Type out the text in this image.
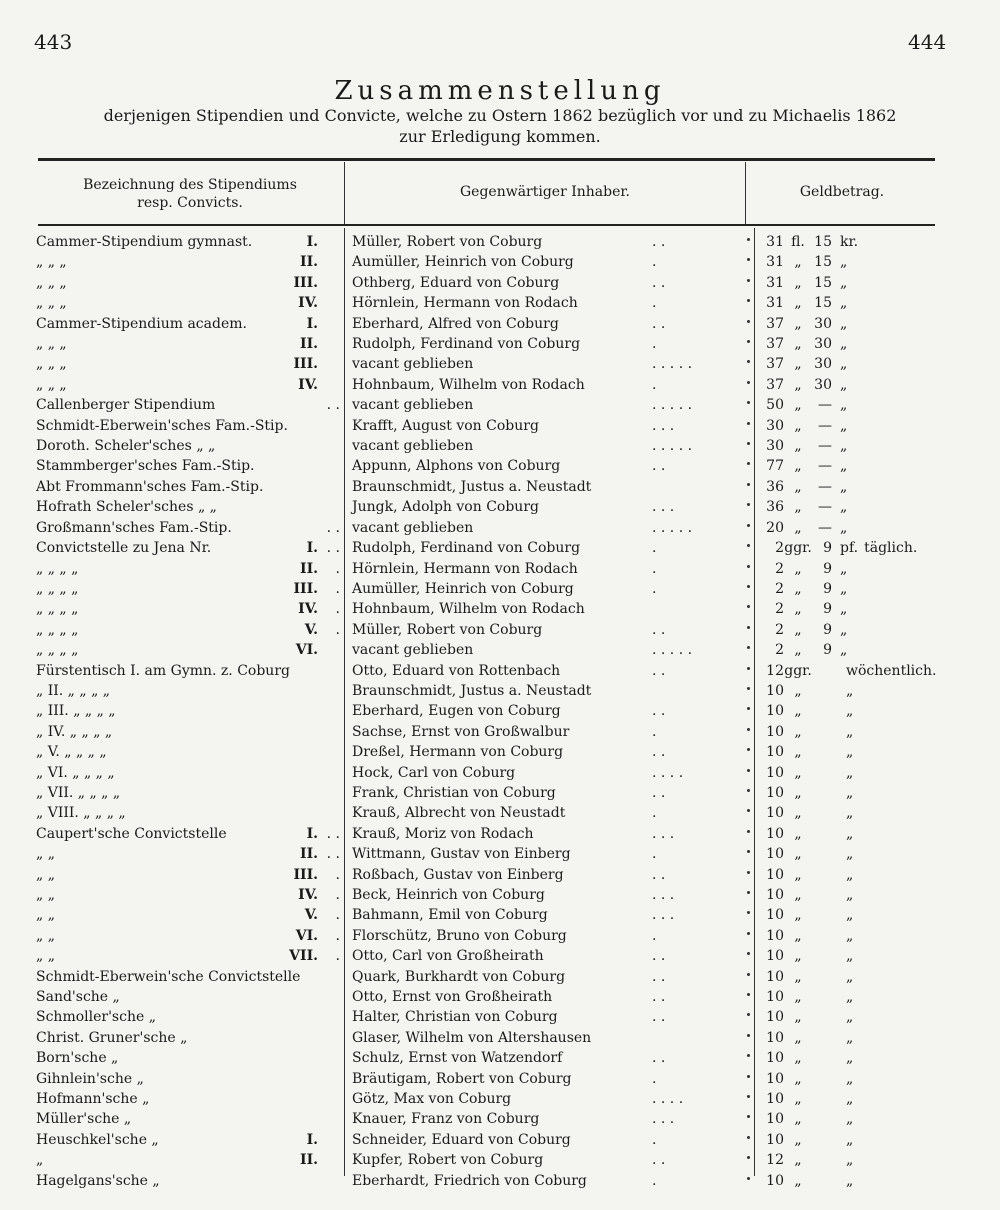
443	444
Zusammenstellung
derjenigen Stipendien und Convicte, welche zu Ostern 1862 bezüglich vor und zu Michaelis 1862
zur Erledigung kommen.
Bezeichnung des Stipendiums
resp. Convicts.
Gegenwärtiger Inhaber.	Geldbetrag.
Cammer-Stipendium gymnast.	I. Müller, Robert von Coburg	. .	31 fl. 15 kr.
„ „ „	II. Aumüller, Heinrich von Coburg	.	31 „ 15 „
„ „ „	III. Othberg, Eduard von Coburg	. .	31 „ 15 „
„ „ „	IV. Hörnlein, Hermann von Rodach	.	31 „ 15 „
Cammer-Stipendium academ.	I. Eberhard, Alfred von Coburg	. .	37 „ 30 „
„ „ „	II. Rudolph, Ferdinand von Coburg	.	37 „ 30 „
„ „ „	III. vacant geblieben	. . . . .	37 „ 30 „
„ „ „	IV. Hohnbaum, Wilhelm von Rodach	.	37 „ 30 „
Callenberger Stipendium	. . vacant geblieben	. . . . .	50 „ — „
Schmidt-Eberwein'sches Fam.-Stip.	Krafft, August von Coburg	. . .	30 „ — „
Doroth. Scheler'sches „ „	vacant geblieben	. . . . .	30 „ — „
Stammberger'sches Fam.-Stip.	Appunn, Alphons von Coburg	. .	77 „ — „
Abt Frommann'sches Fam.-Stip.	Braunschmidt, Justus a. Neustadt	36 „ — „
Hofrath Scheler'sches „ „	Jungk, Adolph von Coburg	. . .	36 „ — „
Großmann'sches Fam.-Stip.	. . vacant geblieben	. . . . .	20 „ — „
Convictstelle zu Jena Nr.	I. . . Rudolph, Ferdinand von Coburg	.	2ggr. 9 pf. täglich.
„ „ „ „	II. . Hörnlein, Hermann von Rodach	.	2 „ 9 „
„ „ „ „	III. . Aumüller, Heinrich von Coburg	.	2 „ 9 „
„ „ „ „	IV. . Hohnbaum, Wilhelm von Rodach	2 „ 9 „
„ „ „ „	V. . Müller, Robert von Coburg	. .	2 „ 9 „
„ „ „ „	VI. vacant geblieben	. . . . .	2 „ 9 „
Fürstentisch I. am Gymn. z. Coburg	Otto, Eduard von Rottenbach	. .	12ggr. wöchentlich.
„ II. „ „ „ „	Braunschmidt, Justus a. Neustadt	10 „	„
„ III. „ „ „ „	Eberhard, Eugen von Coburg	. .	10 „	„
„ IV. „ „ „ „	Sachse, Ernst von Großwalbur	.	10 „	„
„ V. „ „ „ „	Dreßel, Hermann von Coburg	. .	10 „	„
„ VI. „ „ „ „	Hock, Carl von Coburg	. . . .	10 „	„
„ VII. „ „ „ „	Frank, Christian von Coburg	. .	10 „	„
„ VIII. „ „ „ „	Krauß, Albrecht von Neustadt	.	10 „	„
Caupert'sche Convictstelle	I. . . Krauß, Moriz von Rodach	. . .	10 „	„
„ „	II. . . Wittmann, Gustav von Einberg	.	10 „	„
„ „	III. . Roßbach, Gustav von Einberg	. .	10 „	„
„ „	IV. . Beck, Heinrich von Coburg	. . .	10 „	„
„ „	V. . Bahmann, Emil von Coburg	. . .	10 „	„
„ „	VI. . Florschütz, Bruno von Coburg	.	10 „	„
„ „	VII. . Otto, Carl von Großheirath	. .	10 „	„
Schmidt-Eberwein'sche Convictstelle	Quark, Burkhardt von Coburg	. .	10 „	„
Sand'sche „	Otto, Ernst von Großheirath	. .	10 „	„
Schmoller'sche „	Halter, Christian von Coburg	. .	10 „	„
Christ. Gruner'sche „	Glaser, Wilhelm von Altershausen	10 „	„
Born'sche „	Schulz, Ernst von Watzendorf	. .	10 „	„
Gihnlein'sche „	Bräutigam, Robert von Coburg	.	10 „	„
Hofmann'sche „	Götz, Max von Coburg	. . . .	10 „	„
Müller'sche „	Knauer, Franz von Coburg	. . .	10 „	„
Heuschkel'sche „	I. Schneider, Eduard von Coburg	.	10 „	„
„	II. Kupfer, Robert von Coburg	. .	12 „	„
Hagelgans'sche „	Eberhardt, Friedrich von Coburg	.	10 „	„
